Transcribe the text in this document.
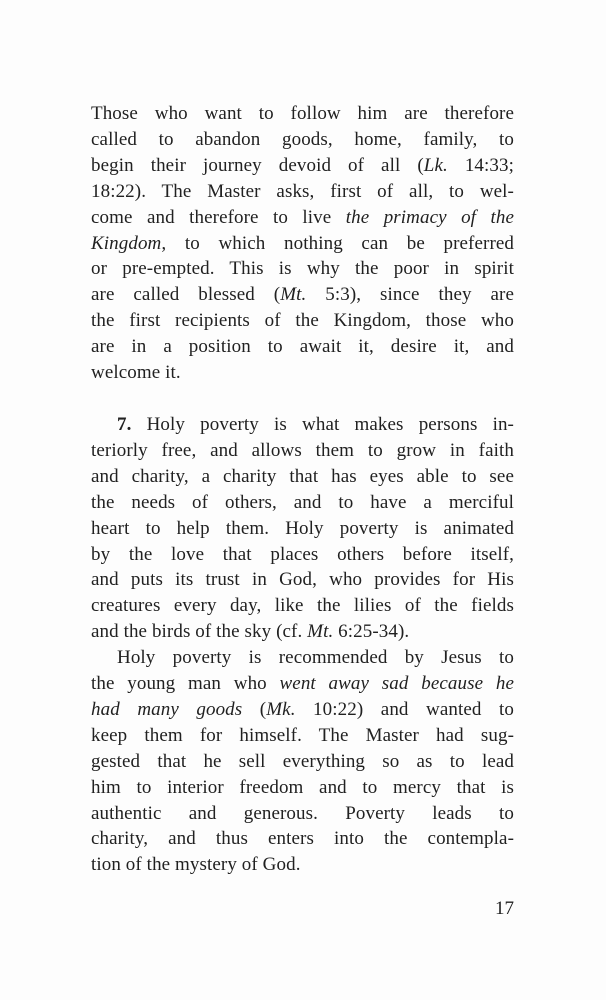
Those who want to follow him are therefore
called to abandon goods, home, family, to
begin their journey devoid of all (Lk. 14:33;
18:22). The Master asks, first of all, to wel-
come and therefore to live the primacy of the
Kingdom, to which nothing can be preferred
or pre-empted. This is why the poor in spirit
are called blessed (Mt. 5:3), since they are
the first recipients of the Kingdom, those who
are in a position to await it, desire it, and
welcome it.
7. Holy poverty is what makes persons in-
teriorly free, and allows them to grow in faith
and charity, a charity that has eyes able to see
the needs of others, and to have a merciful
heart to help them. Holy poverty is animated
by the love that places others before itself,
and puts its trust in God, who provides for His
creatures every day, like the lilies of the fields
and the birds of the sky (cf. Mt. 6:25-34).
Holy poverty is recommended by Jesus to
the young man who went away sad because he
had many goods (Mk. 10:22) and wanted to
keep them for himself. The Master had sug-
gested that he sell everything so as to lead
him to interior freedom and to mercy that is
authentic and generous. Poverty leads to
charity, and thus enters into the contempla-
tion of the mystery of God.
17
